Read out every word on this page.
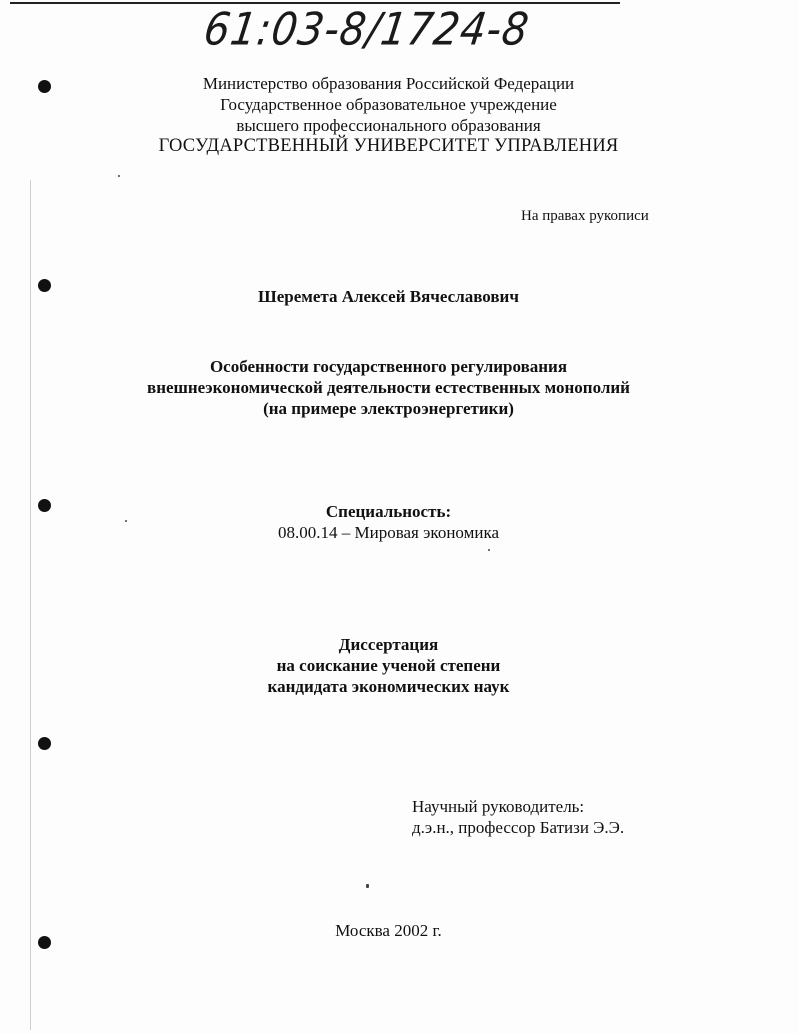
61:03-8/1724-8
Министерство образования Российской Федерации
Государственное образовательное учреждение
высшего профессионального образования
ГОСУДАРСТВЕННЫЙ УНИВЕРСИТЕТ УПРАВЛЕНИЯ
На правах рукописи
Шеремета Алексей Вячеславович
Особенности государственного регулирования
внешнеэкономической деятельности естественных монополий
(на примере электроэнергетики)
Специальность:
08.00.14 – Мировая экономика
Диссертация
на соискание ученой степени
кандидата экономических наук
Научный руководитель:
д.э.н., профессор Батизи Э.Э.
Москва 2002 г.
